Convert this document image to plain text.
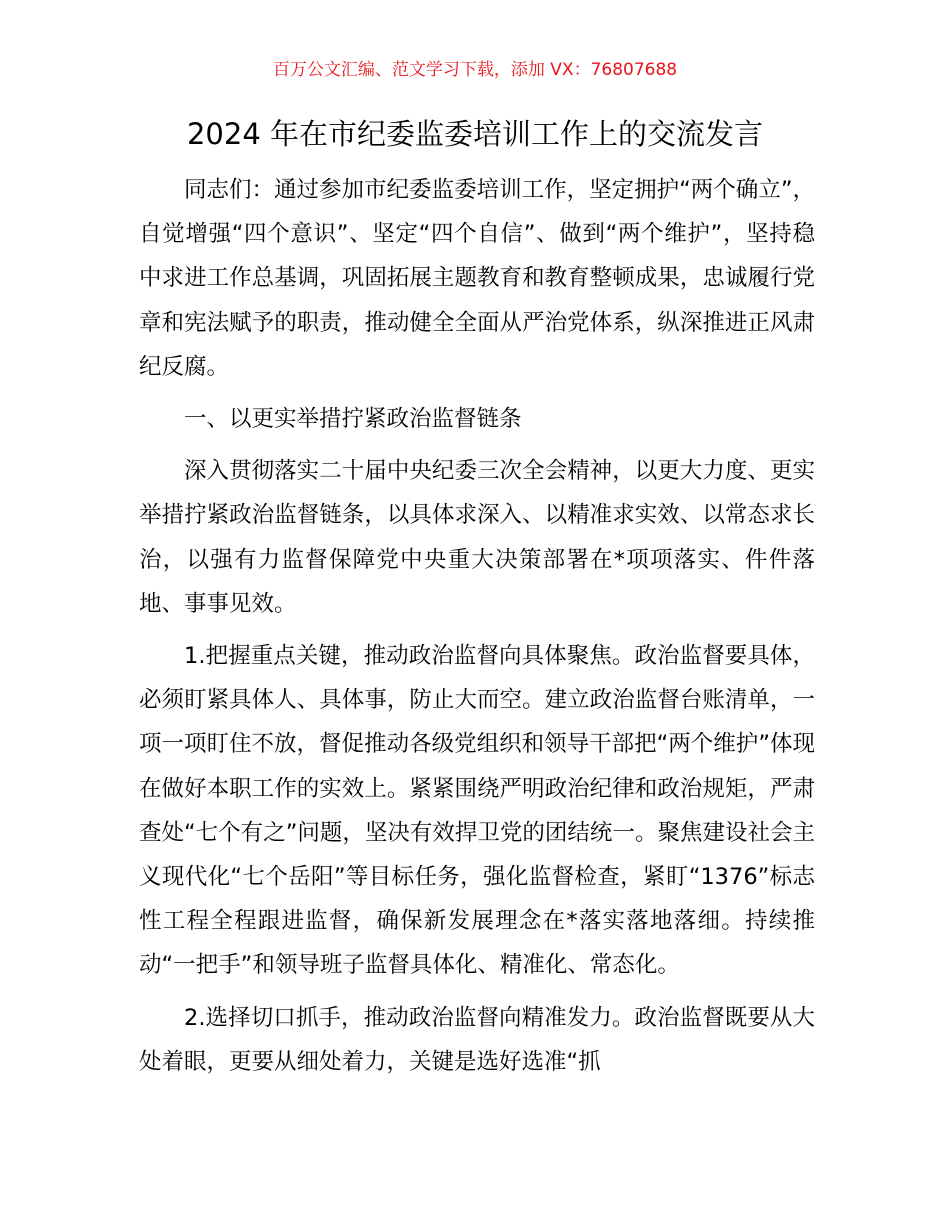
百万公文汇编、范文学习下载，添加 VX：76807688
2024 年在市纪委监委培训工作上的交流发言

同志们：通过参加市纪委监委培训工作，坚定拥护“两个确立”，自觉增强“四个意识”、坚定“四个自信”、做到“两个维护”，坚持稳中求进工作总基调，巩固拓展主题教育和教育整顿成果，忠诚履行党章和宪法赋予的职责，推动健全全面从严治党体系，纵深推进正风肃纪反腐。

一、以更实举措拧紧政治监督链条

深入贯彻落实二十届中央纪委三次全会精神，以更大力度、更实举措拧紧政治监督链条，以具体求深入、以精准求实效、以常态求长治，以强有力监督保障党中央重大决策部署在*项项落实、件件落地、事事见效。

1.把握重点关键，推动政治监督向具体聚焦。政治监督要具体，必须盯紧具体人、具体事，防止大而空。建立政治监督台账清单，一项一项盯住不放，督促推动各级党组织和领导干部把“两个维护”体现在做好本职工作的实效上。紧紧围绕严明政治纪律和政治规矩，严肃查处“七个有之”问题，坚决有效捍卫党的团结统一。聚焦建设社会主义现代化“七个岳阳”等目标任务，强化监督检查，紧盯“1376”标志性工程全程跟进监督，确保新发展理念在*落实落地落细。持续推动“一把手”和领导班子监督具体化、精准化、常态化。

2.选择切口抓手，推动政治监督向精准发力。政治监督既要从大处着眼，更要从细处着力，关键是选好选准“抓
